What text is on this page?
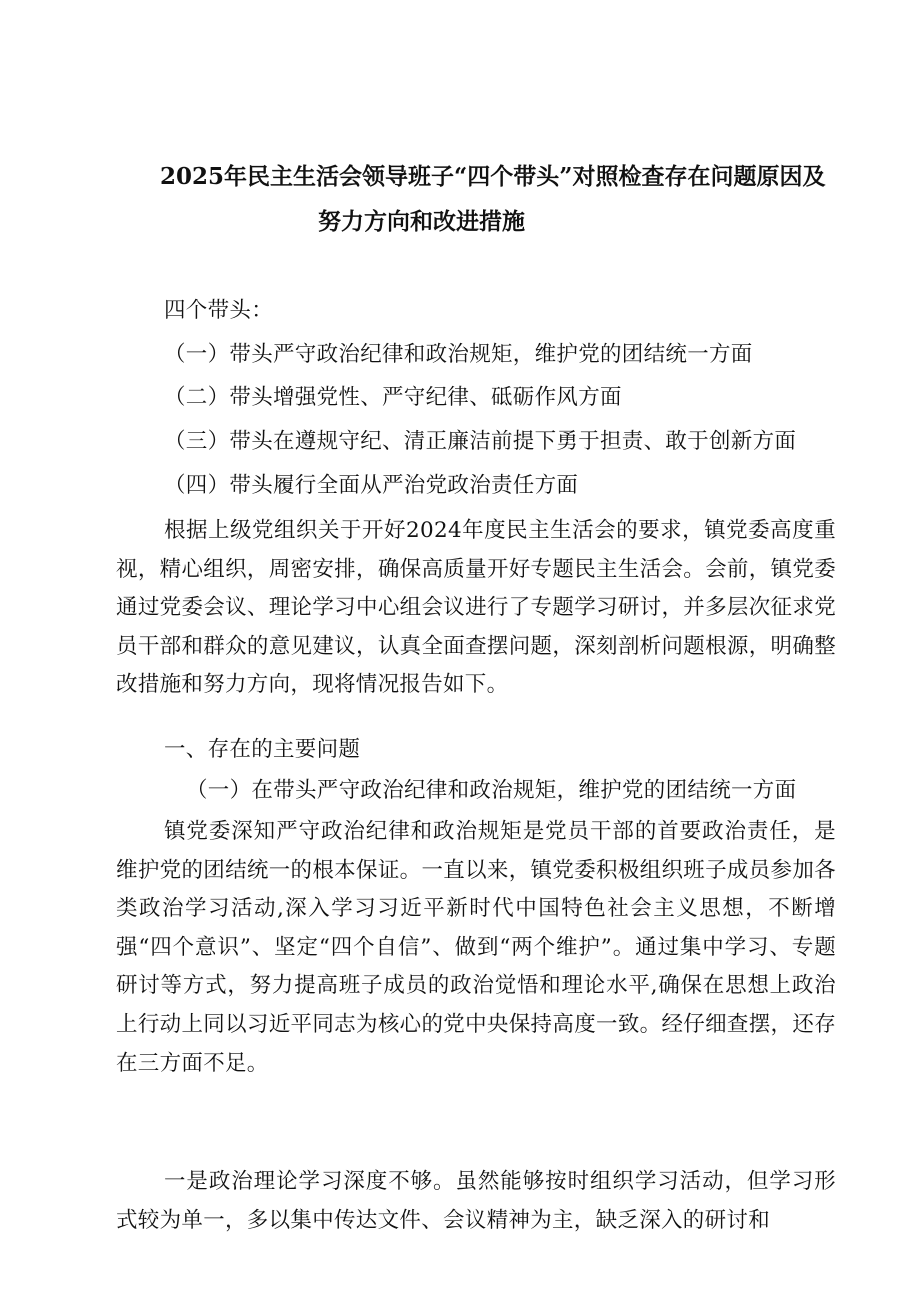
2025年民主生活会领导班子“四个带头”对照检查存在问题原因及
努力方向和改进措施
四个带头：
（一）带头严守政治纪律和政治规矩，维护党的团结统一方面
（二）带头增强党性、严守纪律、砥砺作风方面
（三）带头在遵规守纪、清正廉洁前提下勇于担责、敢于创新方面
（四）带头履行全面从严治党政治责任方面
根据上级党组织关于开好2024年度民主生活会的要求，镇党委高度重视，精心组织，周密安排，确保高质量开好专题民主生活会。会前，镇党委通过党委会议、理论学习中心组会议进行了专题学习研讨，并多层次征求党员干部和群众的意见建议，认真全面查摆问题，深刻剖析问题根源，明确整改措施和努力方向，现将情况报告如下。
一、存在的主要问题
（一）在带头严守政治纪律和政治规矩，维护党的团结统一方面
镇党委深知严守政治纪律和政治规矩是党员干部的首要政治责任，是维护党的团结统一的根本保证。一直以来，镇党委积极组织班子成员参加各类政治学习活动,深入学习习近平新时代中国特色社会主义思想，不断增强“四个意识”、坚定“四个自信”、做到“两个维护”。通过集中学习、专题研讨等方式，努力提高班子成员的政治觉悟和理论水平,确保在思想上政治上行动上同以习近平同志为核心的党中央保持高度一致。经仔细查摆，还存在三方面不足。
一是政治理论学习深度不够。虽然能够按时组织学习活动，但学习形式较为单一，多以集中传达文件、会议精神为主，缺乏深入的研讨和
